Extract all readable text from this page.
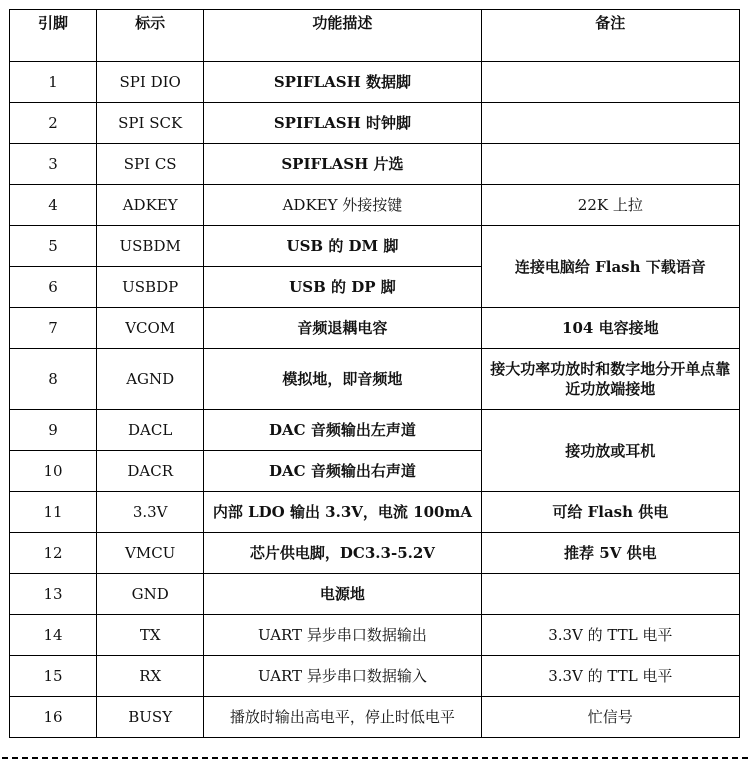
引脚	标示	功能描述	备注
1	SPI DIO	SPIFLASH 数据脚	
2	SPI SCK	SPIFLASH 时钟脚	
3	SPI CS	SPIFLASH 片选	
4	ADKEY	ADKEY 外接按键	22K 上拉
5	USBDM	USB 的 DM 脚	连接电脑给 Flash 下载语音
6	USBDP	USB 的 DP 脚	
7	VCOM	音频退耦电容	104 电容接地
8	AGND	模拟地，即音频地	接大功率功放时和数字地分开单点靠近功放端接地
9	DACL	DAC 音频输出左声道	接功放或耳机
10	DACR	DAC 音频输出右声道	
11	3.3V	内部 LDO 输出 3.3V，电流 100mA	可给 Flash 供电
12	VMCU	芯片供电脚，DC3.3-5.2V	推荐 5V 供电
13	GND	电源地	
14	TX	UART 异步串口数据输出	3.3V 的 TTL 电平
15	RX	UART 异步串口数据输入	3.3V 的 TTL 电平
16	BUSY	播放时输出高电平，停止时低电平	忙信号
